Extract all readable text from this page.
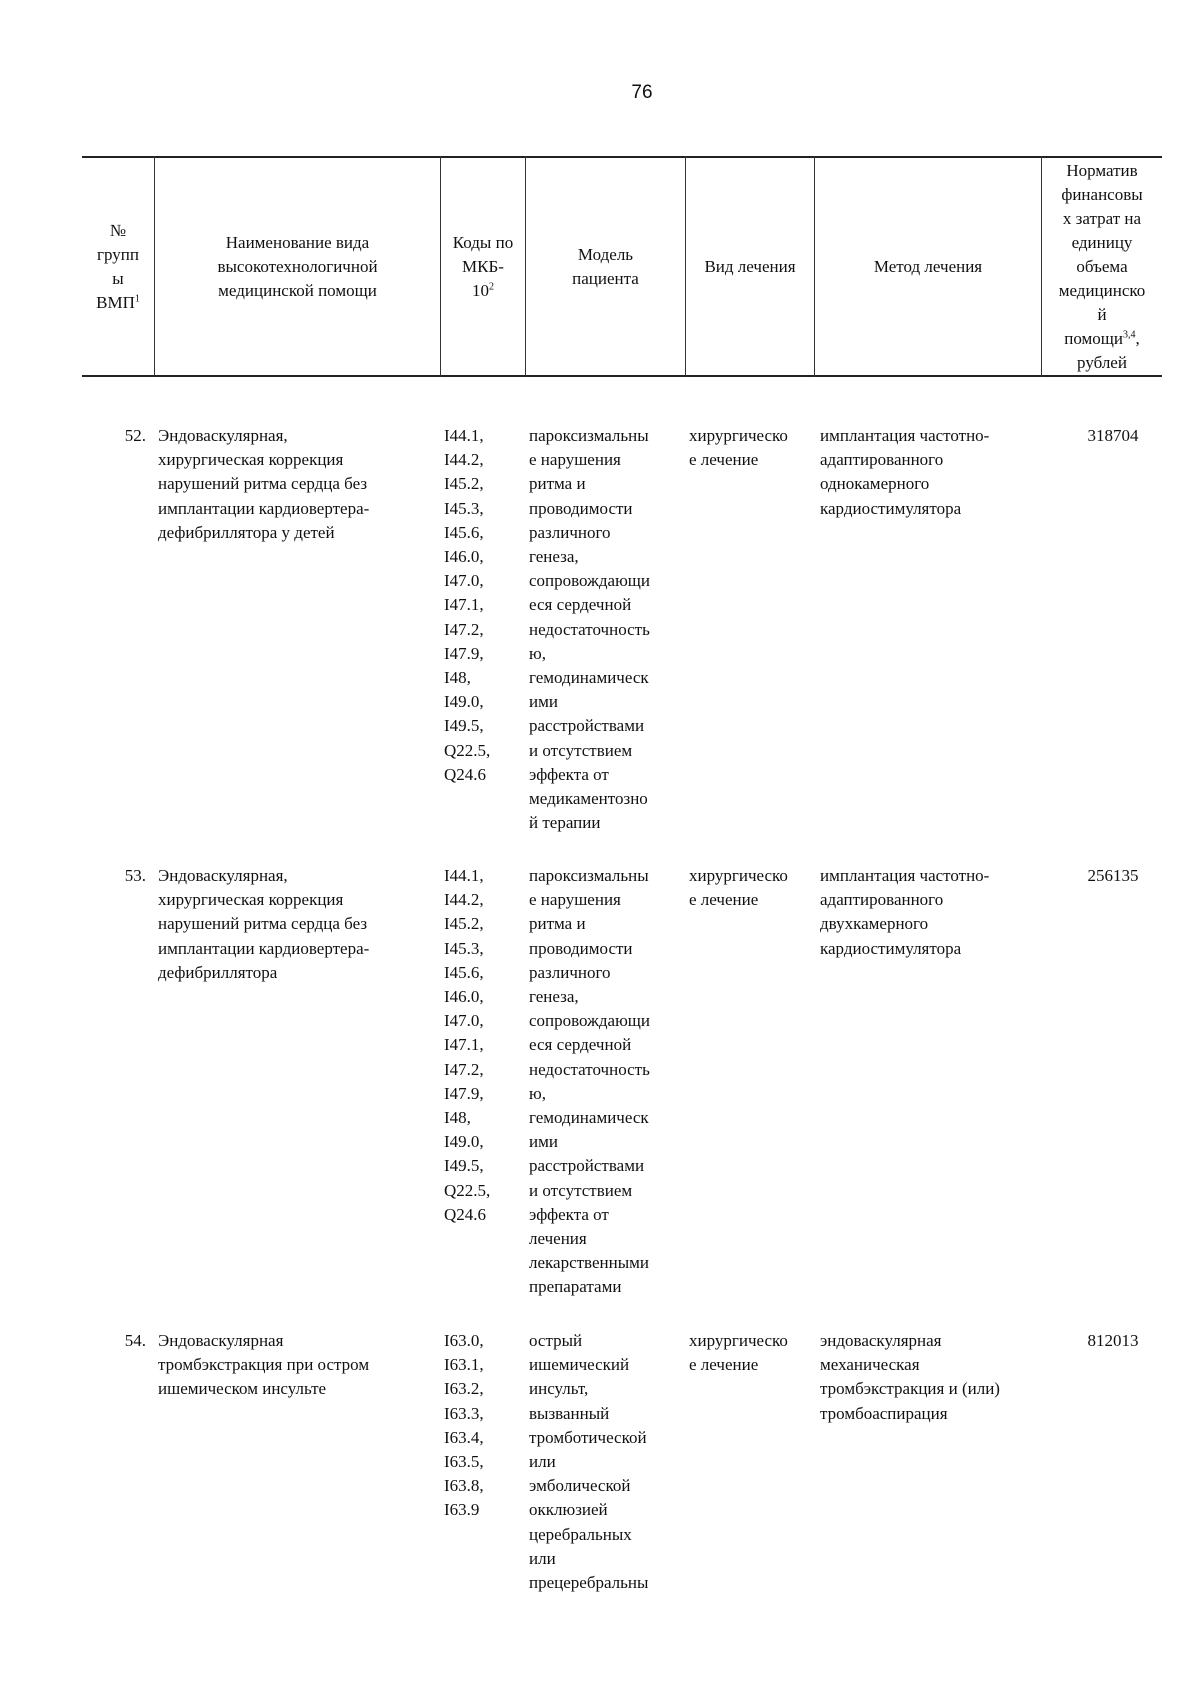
76
№
групп
ы
ВМП$^1$
Наименование вида
высокотехнологичной
медицинской помощи
Коды по
МКБ-
$10^2$
Модель
пациента
Вид лечения	Метод лечения
Норматив
финансовы
х затрат на
единицу
объема
медицинско
й
помощи$^{3,4}$,
рублей
52. Эндоваскулярная,
хирургическая коррекция
нарушений ритма сердца без
имплантации кардиовертера-
дефибриллятора у детей
I44.1,
I44.2,
I45.2,
I45.3,
I45.6,
I46.0,
I47.0,
I47.1,
I47.2,
I47.9,
I48,
I49.0,
I49.5,
Q22.5,
Q24.6
пароксизмальны
е нарушения
ритма и
проводимости
различного
генеза,
сопровождающи
еся сердечной
недостаточность
ю,
гемодинамическ
ими
расстройствами
и отсутствием
эффекта от
медикаментозно
й терапии
хирургическо
е лечение
имплантация частотно-
адаптированного
однокамерного
кардиостимулятора
318704
53. Эндоваскулярная,
хирургическая коррекция
нарушений ритма сердца без
имплантации кардиовертера-
дефибриллятора
I44.1,
I44.2,
I45.2,
I45.3,
I45.6,
I46.0,
I47.0,
I47.1,
I47.2,
I47.9,
I48,
I49.0,
I49.5,
Q22.5,
Q24.6
пароксизмальны
е нарушения
ритма и
проводимости
различного
генеза,
сопровождающи
еся сердечной
недостаточность
ю,
гемодинамическ
ими
расстройствами
и отсутствием
эффекта от
лечения
лекарственными
препаратами
хирургическо
е лечение
имплантация частотно-
адаптированного
двухкамерного
кардиостимулятора
256135
54. Эндоваскулярная
тромбэкстракция при остром
ишемическом инсульте
I63.0,
I63.1,
I63.2,
I63.3,
I63.4,
I63.5,
I63.8,
I63.9
острый
ишемический
инсульт,
вызванный
тромботической
или
эмболической
окклюзией
церебральных
или
прецеребральны
хирургическо
е лечение
эндоваскулярная
механическая
тромбэкстракция и (или)
тромбоаспирация
812013
